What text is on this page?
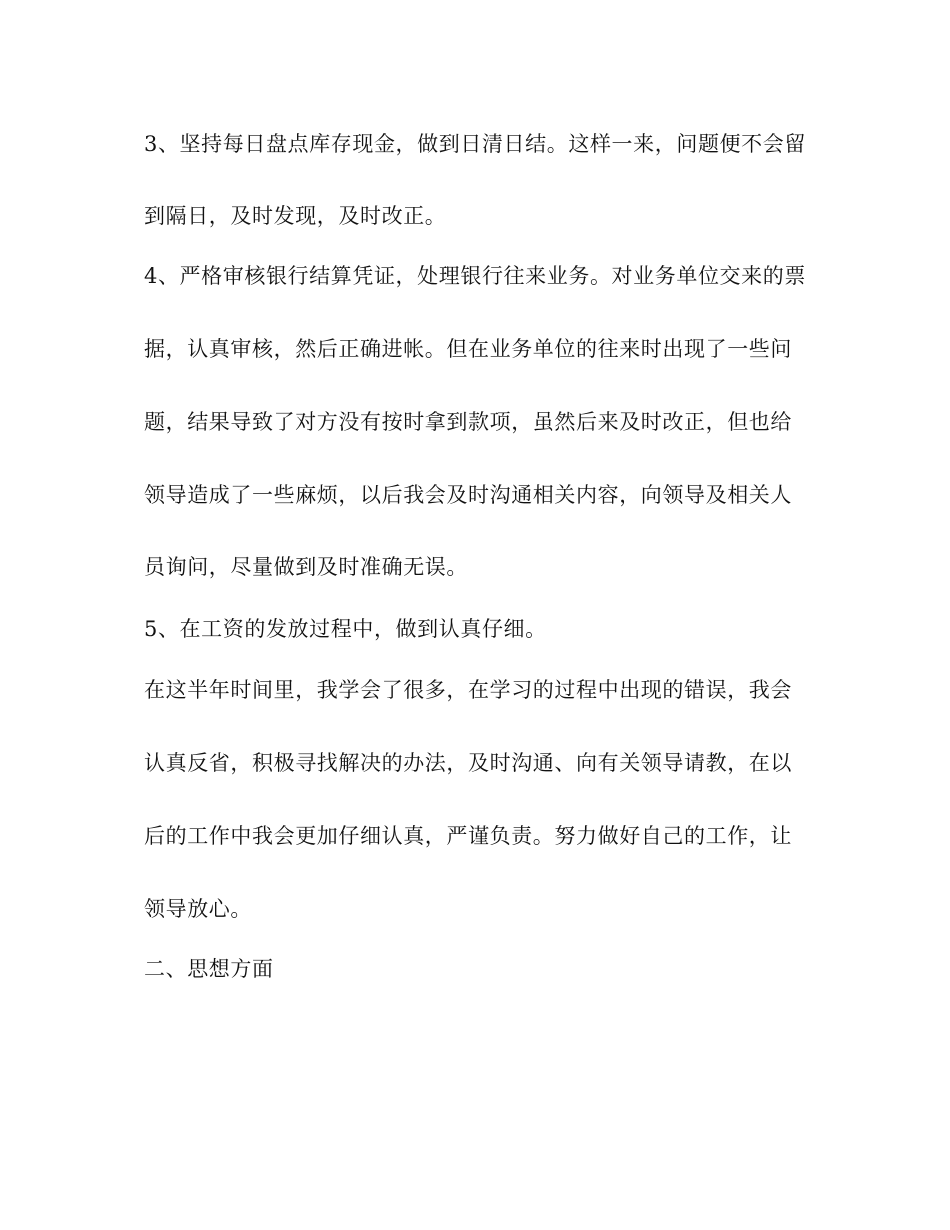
3、坚持每日盘点库存现金，做到日清日结。这样一来，问题便不会留
到隔日，及时发现，及时改正。
4、严格审核银行结算凭证，处理银行往来业务。对业务单位交来的票
据，认真审核，然后正确进帐。但在业务单位的往来时出现了一些问
题，结果导致了对方没有按时拿到款项，虽然后来及时改正，但也给
领导造成了一些麻烦，以后我会及时沟通相关内容，向领导及相关人
员询问，尽量做到及时准确无误。
5、在工资的发放过程中，做到认真仔细。
在这半年时间里，我学会了很多，在学习的过程中出现的错误，我会
认真反省，积极寻找解决的办法，及时沟通、向有关领导请教，在以
后的工作中我会更加仔细认真，严谨负责。努力做好自己的工作，让
领导放心。
二、思想方面
